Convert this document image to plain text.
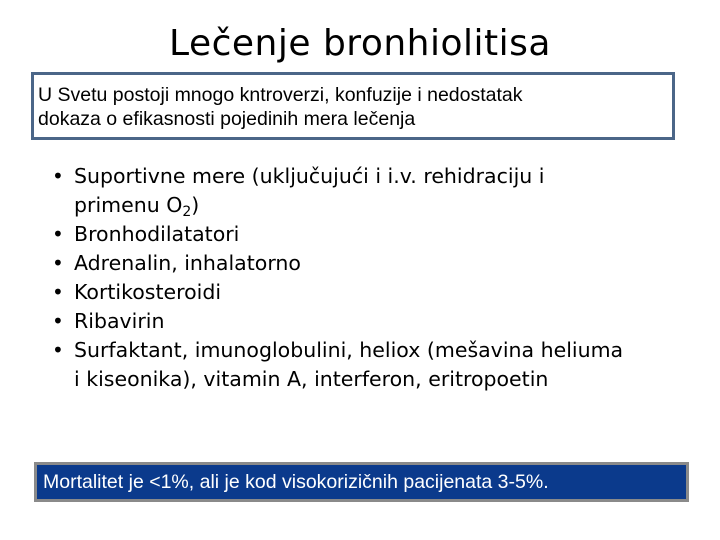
Lečenje bronhiolitisa
U Svetu postoji mnogo kntroverzi, konfuzije i nedostatak
dokaza o efikasnosti pojedinih mera lečenja
• Suportivne mere (uključujući i i.v. rehidraciju i
primenu $O_2$)
• Bronhodilatatori
• Adrenalin, inhalatorno
• Kortikosteroidi
• Ribavirin
• Surfaktant, imunoglobulini, heliox (mešavina heliuma
i kiseonika), vitamin A, interferon, eritropoetin
Mortalitet je <1%, ali je kod visokorizičnih pacijenata 3-5%.
